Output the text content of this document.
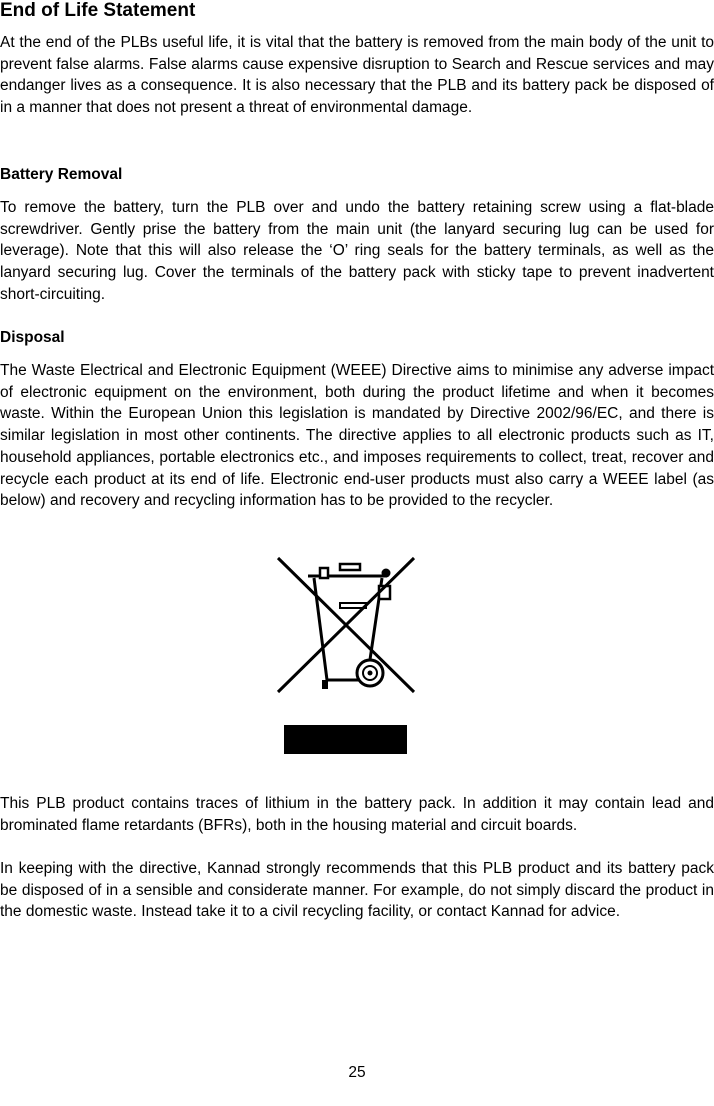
End of Life Statement

At the end of the PLBs useful life, it is vital that the battery is removed from the main body of the unit to prevent false alarms. False alarms cause expensive disruption to Search and Rescue services and may endanger lives as a consequence. It is also necessary that the PLB and its battery pack be disposed of in a manner that does not present a threat of environmental damage.

Battery Removal

To remove the battery, turn the PLB over and undo the battery retaining screw using a flat-blade screwdriver. Gently prise the battery from the main unit (the lanyard securing lug can be used for leverage). Note that this will also release the ‘O’ ring seals for the battery terminals, as well as the lanyard securing lug. Cover the terminals of the battery pack with sticky tape to prevent inadvertent short-circuiting.

Disposal

The Waste Electrical and Electronic Equipment (WEEE) Directive aims to minimise any adverse impact of electronic equipment on the environment, both during the product lifetime and when it becomes waste. Within the European Union this legislation is mandated by Directive 2002/96/EC, and there is similar legislation in most other continents. The directive applies to all electronic products such as IT, household appliances, portable electronics etc., and imposes requirements to collect, treat, recover and recycle each product at its end of life. Electronic end-user products must also carry a WEEE label (as below) and recovery and recycling information has to be provided to the recycler.

This PLB product contains traces of lithium in the battery pack. In addition it may contain lead and brominated flame retardants (BFRs), both in the housing material and circuit boards.

In keeping with the directive, Kannad strongly recommends that this PLB product and its battery pack be disposed of in a sensible and considerate manner. For example, do not simply discard the product in the domestic waste. Instead take it to a civil recycling facility, or contact Kannad for advice.

25
